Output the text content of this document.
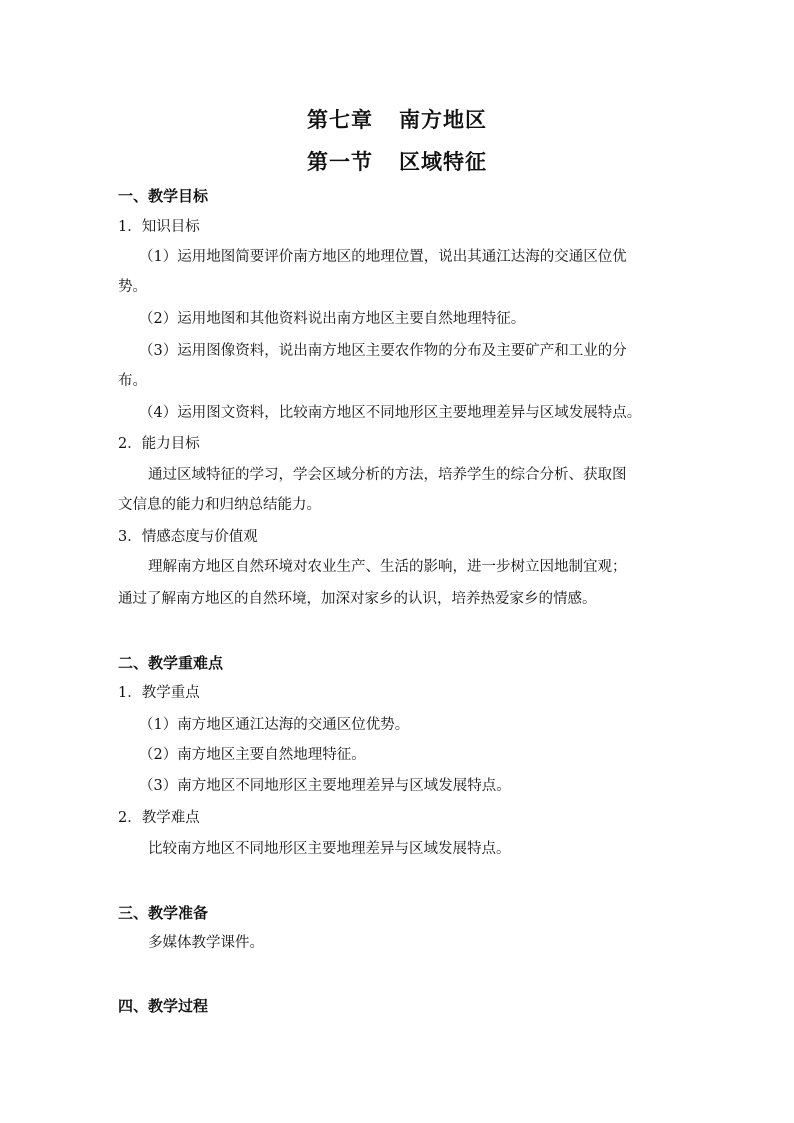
第七章 南方地区
第一节 区域特征
一、教学目标
1．知识目标
（1）运用地图简要评价南方地区的地理位置，说出其通江达海的交通区位优
势。
（2）运用地图和其他资料说出南方地区主要自然地理特征。
（3）运用图像资料，说出南方地区主要农作物的分布及主要矿产和工业的分
布。
（4）运用图文资料，比较南方地区不同地形区主要地理差异与区域发展特点。
2．能力目标
通过区域特征的学习，学会区域分析的方法，培养学生的综合分析、获取图
文信息的能力和归纳总结能力。
3．情感态度与价值观
理解南方地区自然环境对农业生产、生活的影响，进一步树立因地制宜观；
通过了解南方地区的自然环境，加深对家乡的认识，培养热爱家乡的情感。
二、教学重难点
1．教学重点
（1）南方地区通江达海的交通区位优势。
（2）南方地区主要自然地理特征。
（3）南方地区不同地形区主要地理差异与区域发展特点。
2．教学难点
比较南方地区不同地形区主要地理差异与区域发展特点。
三、教学准备
多媒体教学课件。
四、教学过程
